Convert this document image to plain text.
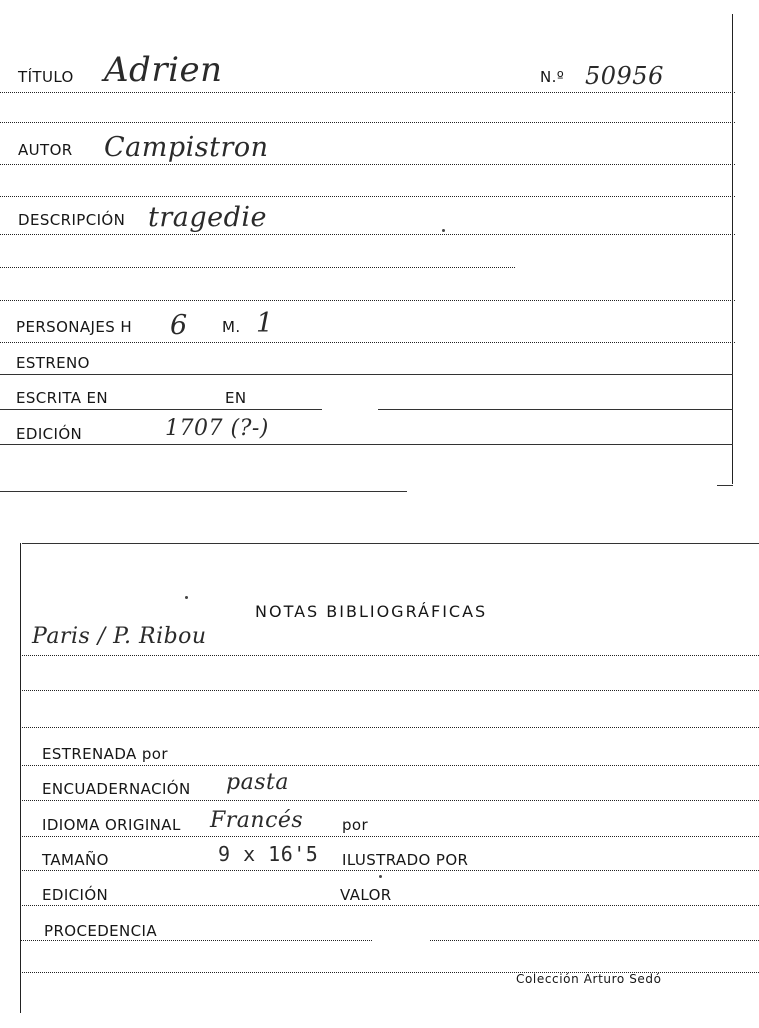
TÍTULO Adrien	N.º 50956
AUTOR Campistron
DESCRIPCIÓN tragedie
PERSONAJES H 6 M. 1
ESTRENO
ESCRITA EN	EN
EDICIÓN	1707 (?-)
NOTAS BIBLIOGRÁFICAS
Paris / P. Ribou
ESTRENADA por
ENCUADERNACIÓN pasta
IDIOMA ORIGINAL Francés	por
TAMAÑO	9 x 16'5 ILUSTRADO POR
EDICIÓN	VALOR
PROCEDENCIA
Colección Arturo Sedó
